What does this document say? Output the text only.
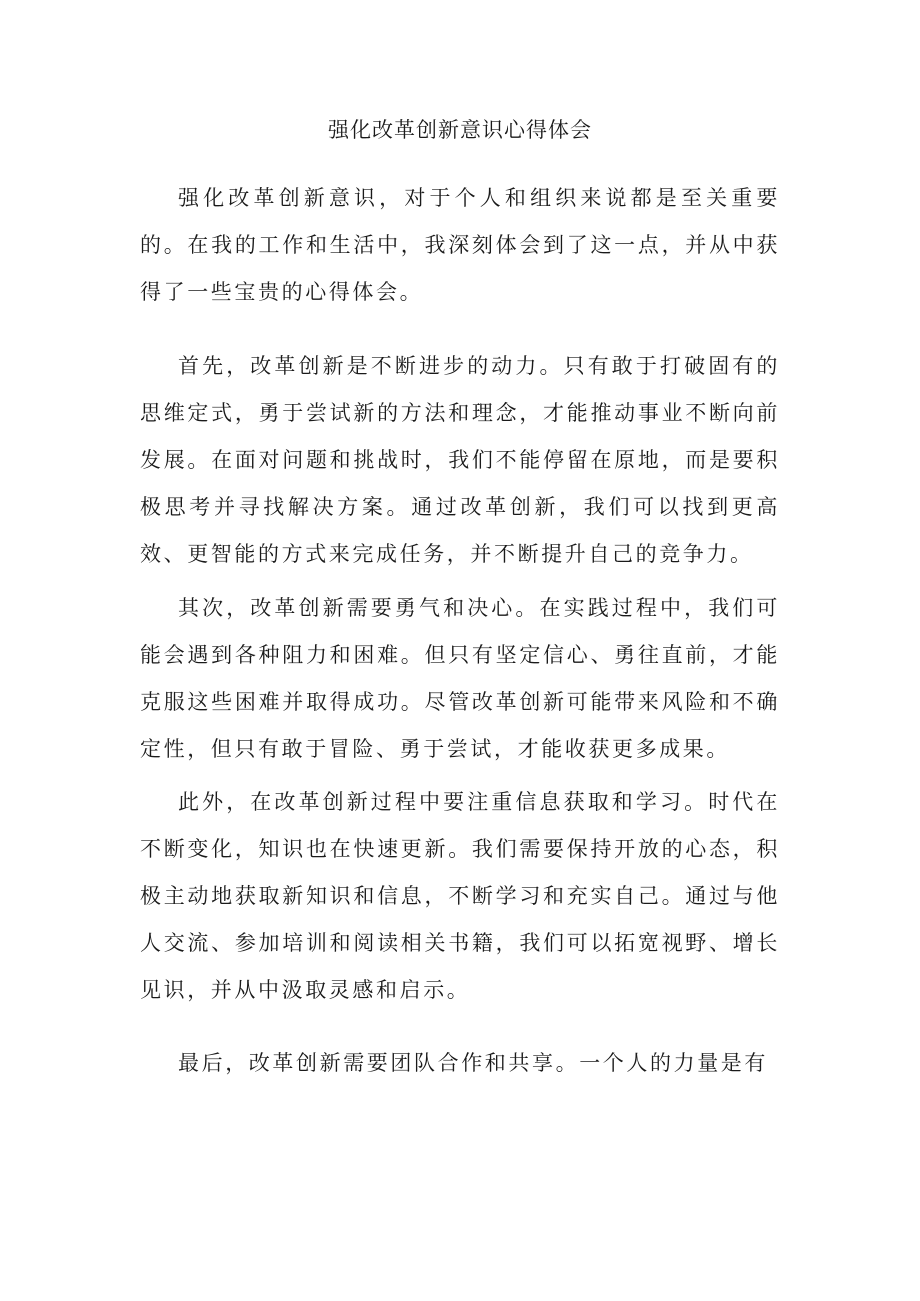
强化改革创新意识心得体会

强化改革创新意识，对于个人和组织来说都是至关重要的。在我的工作和生活中，我深刻体会到了这一点，并从中获得了一些宝贵的心得体会。

首先，改革创新是不断进步的动力。只有敢于打破固有的思维定式，勇于尝试新的方法和理念，才能推动事业不断向前发展。在面对问题和挑战时，我们不能停留在原地，而是要积极思考并寻找解决方案。通过改革创新，我们可以找到更高效、更智能的方式来完成任务，并不断提升自己的竞争力。

其次，改革创新需要勇气和决心。在实践过程中，我们可能会遇到各种阻力和困难。但只有坚定信心、勇往直前，才能克服这些困难并取得成功。尽管改革创新可能带来风险和不确定性，但只有敢于冒险、勇于尝试，才能收获更多成果。

此外，在改革创新过程中要注重信息获取和学习。时代在不断变化，知识也在快速更新。我们需要保持开放的心态，积极主动地获取新知识和信息，不断学习和充实自己。通过与他人交流、参加培训和阅读相关书籍，我们可以拓宽视野、增长见识，并从中汲取灵感和启示。

最后，改革创新需要团队合作和共享。一个人的力量是有
